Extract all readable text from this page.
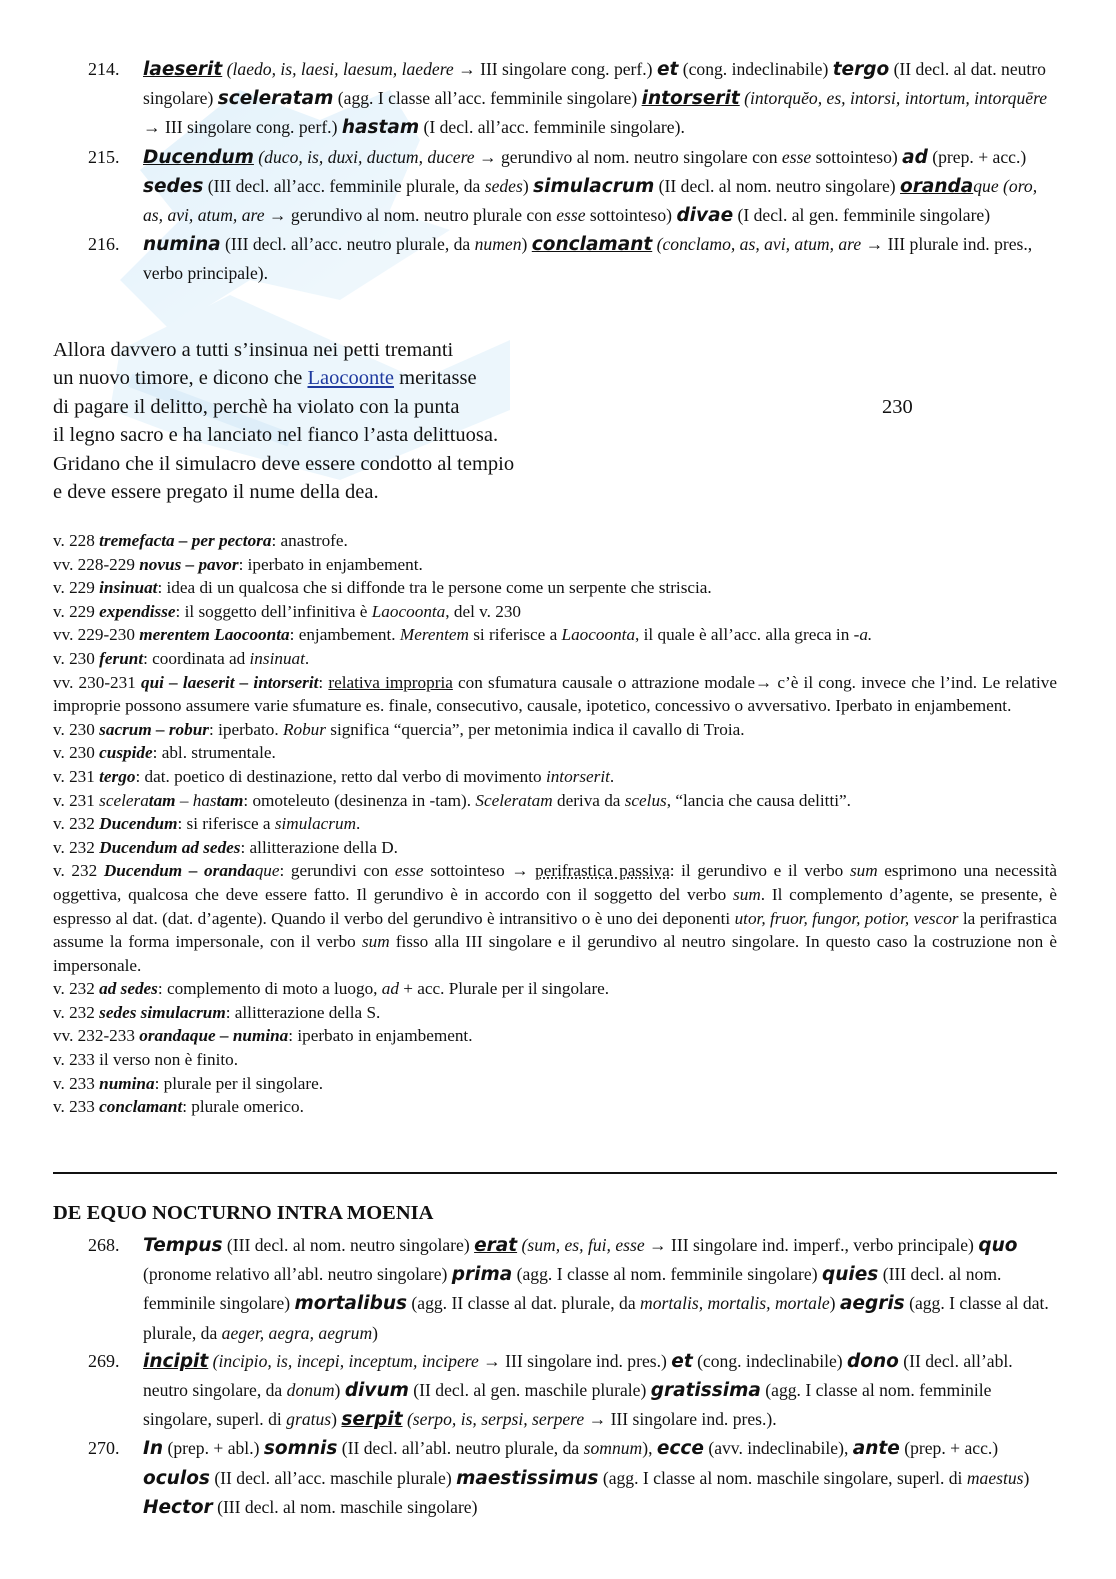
214. laeserit (laedo, is, laesi, laesum, laedere → III singolare cong. perf.) et (cong. indeclinabile) tergo (II decl. al dat. neutro singolare) sceleratam (agg. I classe all’acc. femminile singolare) intorserit (intorquĕo, es, intorsi, intortum, intorquēre → III singolare cong. perf.) hastam (I decl. all’acc. femminile singolare).
215. Ducendum (duco, is, duxi, ductum, ducere → gerundivo al nom. neutro singolare con esse sottointeso) ad (prep. + acc.) sedes (III decl. all’acc. femminile plurale, da sedes) simulacrum (II decl. al nom. neutro singolare) orandaque (oro, as, avi, atum, are → gerundivo al nom. neutro plurale con esse sottointeso) divae (I decl. al gen. femminile singolare)
216. numina (III decl. all’acc. neutro plurale, da numen) conclamant (conclamo, as, avi, atum, are → III plurale ind. pres., verbo principale).
Allora davvero a tutti s’insinua nei petti tremanti
un nuovo timore, e dicono che Laocoonte meritasse
di pagare il delitto, perchè ha violato con la punta	230
il legno sacro e ha lanciato nel fianco l’asta delittuosa.
Gridano che il simulacro deve essere condotto al tempio
e deve essere pregato il nume della dea.
v. 228 tremefacta – per pectora: anastrofe.
vv. 228-229 novus – pavor: iperbato in enjambement.
v. 229 insinuat: idea di un qualcosa che si diffonde tra le persone come un serpente che striscia.
v. 229 expendisse: il soggetto dell’infinitiva è Laocoonta, del v. 230
vv. 229-230 merentem Laocoonta: enjambement. Merentem si riferisce a Laocoonta, il quale è all’acc. alla greca in -a.
v. 230 ferunt: coordinata ad insinuat.
vv. 230-231 qui – laeserit – intorserit: relativa impropria con sfumatura causale o attrazione modale→ c’è il cong. invece che l’ind. Le relative improprie possono assumere varie sfumature es. finale, consecutivo, causale, ipotetico, concessivo o avversativo. Iperbato in enjambement.
v. 230 sacrum – robur: iperbato. Robur significa “quercia”, per metonimia indica il cavallo di Troia.
v. 230 cuspide: abl. strumentale.
v. 231 tergo: dat. poetico di destinazione, retto dal verbo di movimento intorserit.
v. 231 sceleratam – hastam: omoteleuto (desinenza in -tam). Sceleratam deriva da scelus, “lancia che causa delitti”.
v. 232 Ducendum: si riferisce a simulacrum.
v. 232 Ducendum ad sedes: allitterazione della D.
v. 232 Ducendum – orandaque: gerundivi con esse sottointeso → perifrastica passiva: il gerundivo e il verbo sum esprimono una necessità oggettiva, qualcosa che deve essere fatto. Il gerundivo è in accordo con il soggetto del verbo sum. Il complemento d’agente, se presente, è espresso al dat. (dat. d’agente). Quando il verbo del gerundivo è intransitivo o è uno dei deponenti utor, fruor, fungor, potior, vescor la perifrastica assume la forma impersonale, con il verbo sum fisso alla III singolare e il gerundivo al neutro singolare. In questo caso la costruzione non è impersonale.
v. 232 ad sedes: complemento di moto a luogo, ad + acc. Plurale per il singolare.
v. 232 sedes simulacrum: allitterazione della S.
vv. 232-233 orandaque – numina: iperbato in enjambement.
v. 233 il verso non è finito.
v. 233 numina: plurale per il singolare.
v. 233 conclamant: plurale omerico.
DE EQUO NOCTURNO INTRA MOENIA
268. Tempus (III decl. al nom. neutro singolare) erat (sum, es, fui, esse → III singolare ind. imperf., verbo principale) quo (pronome relativo all’abl. neutro singolare) prima (agg. I classe al nom. femminile singolare) quies (III decl. al nom. femminile singolare) mortalibus (agg. II classe al dat. plurale, da mortalis, mortalis, mortale) aegris (agg. I classe al dat. plurale, da aeger, aegra, aegrum)
269. incipit (incipio, is, incepi, inceptum, incipere → III singolare ind. pres.) et (cong. indeclinabile) dono (II decl. all’abl. neutro singolare, da donum) divum (II decl. al gen. maschile plurale) gratissima (agg. I classe al nom. femminile singolare, superl. di gratus) serpit (serpo, is, serpsi, serpere → III singolare ind. pres.).
270. In (prep. + abl.) somnis (II decl. all’abl. neutro plurale, da somnum), ecce (avv. indeclinabile), ante (prep. + acc.) oculos (II decl. all’acc. maschile plurale) maestissimus (agg. I classe al nom. maschile singolare, superl. di maestus) Hector (III decl. al nom. maschile singolare)
